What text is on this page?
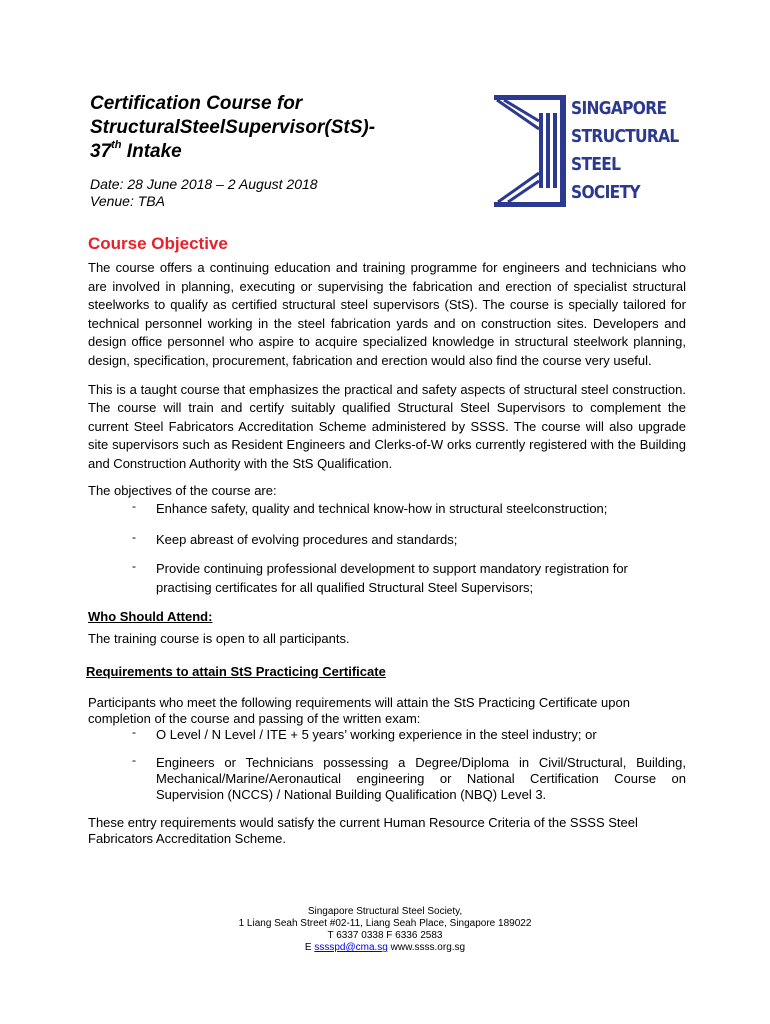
Certification Course for
StructuralSteelSupervisor(StS)-
37th Intake
Date: 28 June 2018 – 2 August 2018
Venue: TBA
SINGAPORE
STRUCTURAL
STEEL
SOCIETY
Course Objective

The course offers a continuing education and training programme for engineers and technicians who are involved in planning, executing or supervising the fabrication and erection of specialist structural steelworks to qualify as certified structural steel supervisors (StS). The course is specially tailored for technical personnel working in the steel fabrication yards and on construction sites. Developers and design office personnel who aspire to acquire specialized knowledge in structural steelwork planning, design, specification, procurement, fabrication and erection would also find the course very useful.

This is a taught course that emphasizes the practical and safety aspects of structural steel construction. The course will train and certify suitably qualified Structural Steel Supervisors to complement the current Steel Fabricators Accreditation Scheme administered by SSSS. The course will also upgrade site supervisors such as Resident Engineers and Clerks-of-W orks currently registered with the Building and Construction Authority with the StS Qualification.

The objectives of the course are:

- Enhance safety, quality and technical know-how in structural steelconstruction;
- Keep abreast of evolving procedures and standards;
- Provide continuing professional development to support mandatory registration for practising certificates for all qualified Structural Steel Supervisors;
Who Should Attend:

The training course is open to all participants.

Requirements to attain StS Practicing Certificate

Participants who meet the following requirements will attain the StS Practicing Certificate upon completion of the course and passing of the written exam:

- O Level / N Level / ITE + 5 years’ working experience in the steel industry; or
- Engineers or Technicians possessing a Degree/Diploma in Civil/Structural, Building, Mechanical/Marine/Aeronautical engineering or National Certification Course on Supervision (NCCS) / National Building Qualification (NBQ) Level 3.

These entry requirements would satisfy the current Human Resource Criteria of the SSSS Steel Fabricators Accreditation Scheme.

Singapore Structural Steel Society,
1 Liang Seah Street #02-11, Liang Seah Place, Singapore 189022
T 6337 0338 F 6336 2583
E sssspd@cma.sg www.ssss.org.sg
